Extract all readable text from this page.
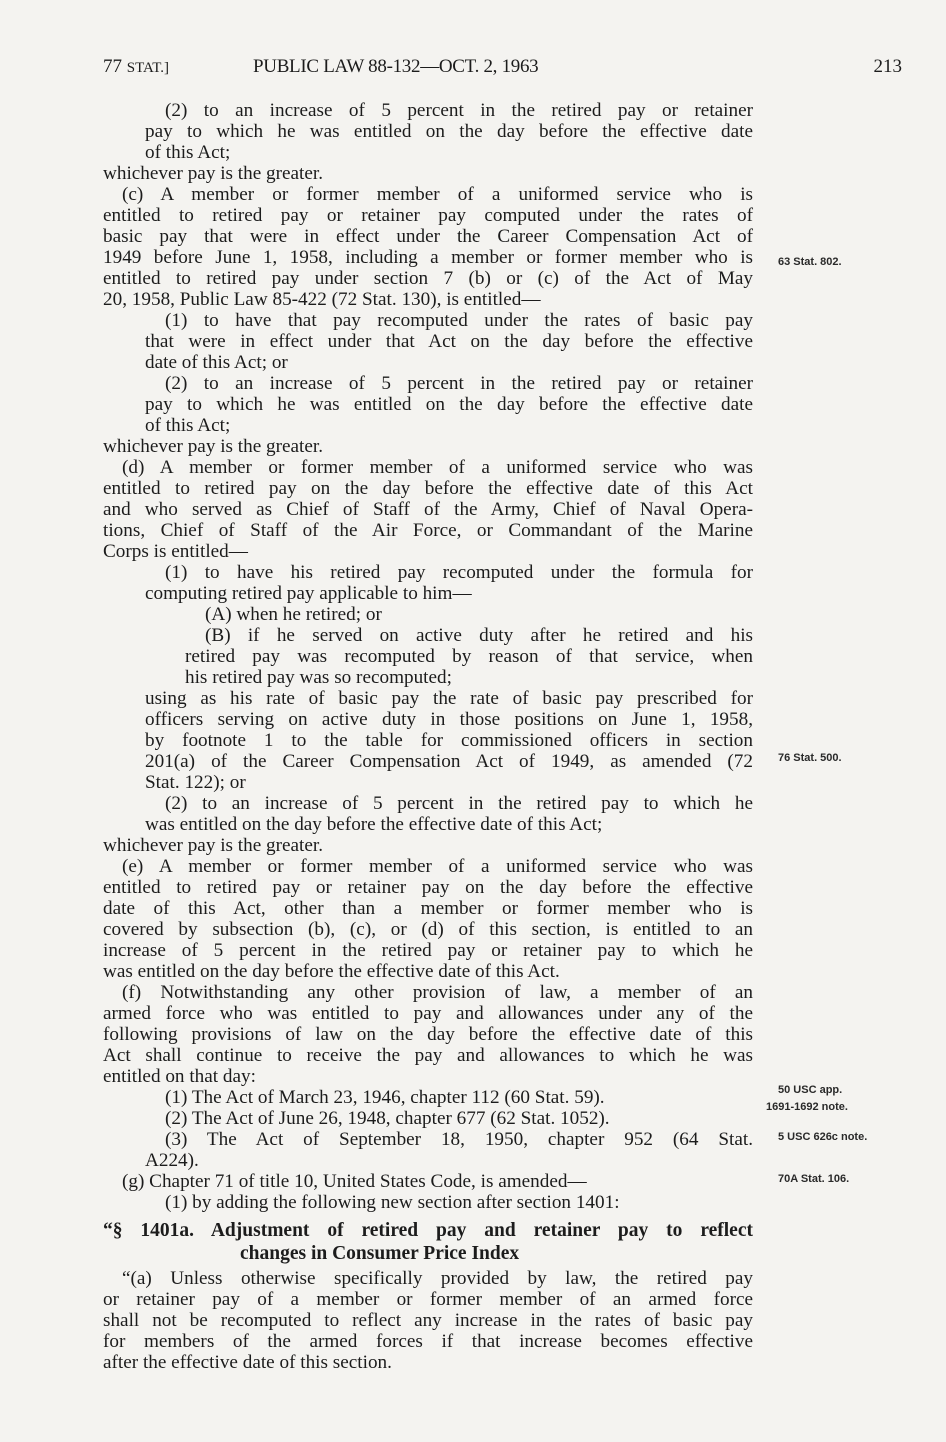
77 STAT.]	PUBLIC LAW 88-132—OCT. 2, 1963	213
(2) to an increase of 5 percent in the retired pay or retainer
pay to which he was entitled on the day before the effective date
of this Act;
whichever pay is the greater.
(c) A member or former member of a uniformed service who is
entitled to retired pay or retainer pay computed under the rates of
basic pay that were in effect under the Career Compensation Act of
1949 before June 1, 1958, including a member or former member who is
entitled to retired pay under section 7 (b) or (c) of the Act of May
20, 1958, Public Law 85-422 (72 Stat. 130), is entitled—
(1) to have that pay recomputed under the rates of basic pay
that were in effect under that Act on the day before the effective
date of this Act; or
(2) to an increase of 5 percent in the retired pay or retainer
pay to which he was entitled on the day before the effective date
of this Act;
whichever pay is the greater.
(d) A member or former member of a uniformed service who was
entitled to retired pay on the day before the effective date of this Act
and who served as Chief of Staff of the Army, Chief of Naval Opera-
tions, Chief of Staff of the Air Force, or Commandant of the Marine
Corps is entitled—
(1) to have his retired pay recomputed under the formula for
computing retired pay applicable to him—
(A) when he retired; or
(B) if he served on active duty after he retired and his
retired pay was recomputed by reason of that service, when
his retired pay was so recomputed;
using as his rate of basic pay the rate of basic pay prescribed for
officers serving on active duty in those positions on June 1, 1958,
by footnote 1 to the table for commissioned officers in section
201(a) of the Career Compensation Act of 1949, as amended (72
Stat. 122); or
(2) to an increase of 5 percent in the retired pay to which he
was entitled on the day before the effective date of this Act;
whichever pay is the greater.
(e) A member or former member of a uniformed service who was
entitled to retired pay or retainer pay on the day before the effective
date of this Act, other than a member or former member who is
covered by subsection (b), (c), or (d) of this section, is entitled to an
increase of 5 percent in the retired pay or retainer pay to which he
was entitled on the day before the effective date of this Act.
(f) Notwithstanding any other provision of law, a member of an
armed force who was entitled to pay and allowances under any of the
following provisions of law on the day before the effective date of this
Act shall continue to receive the pay and allowances to which he was
entitled on that day:
(1) The Act of March 23, 1946, chapter 112 (60 Stat. 59).
(2) The Act of June 26, 1948, chapter 677 (62 Stat. 1052).
(3) The Act of September 18, 1950, chapter 952 (64 Stat.
A224).
(g) Chapter 71 of title 10, United States Code, is amended—
(1) by adding the following new section after section 1401:
“§ 1401a. Adjustment of retired pay and retainer pay to reflect
changes in Consumer Price Index
“(a) Unless otherwise specifically provided by law, the retired pay
or retainer pay of a member or former member of an armed force
shall not be recomputed to reflect any increase in the rates of basic pay
for members of the armed forces if that increase becomes effective
after the effective date of this section.
63 Stat. 802.
76 Stat. 500.
50 USC app.
1691-1692 note.
5 USC 626c note.
70A Stat. 106.
